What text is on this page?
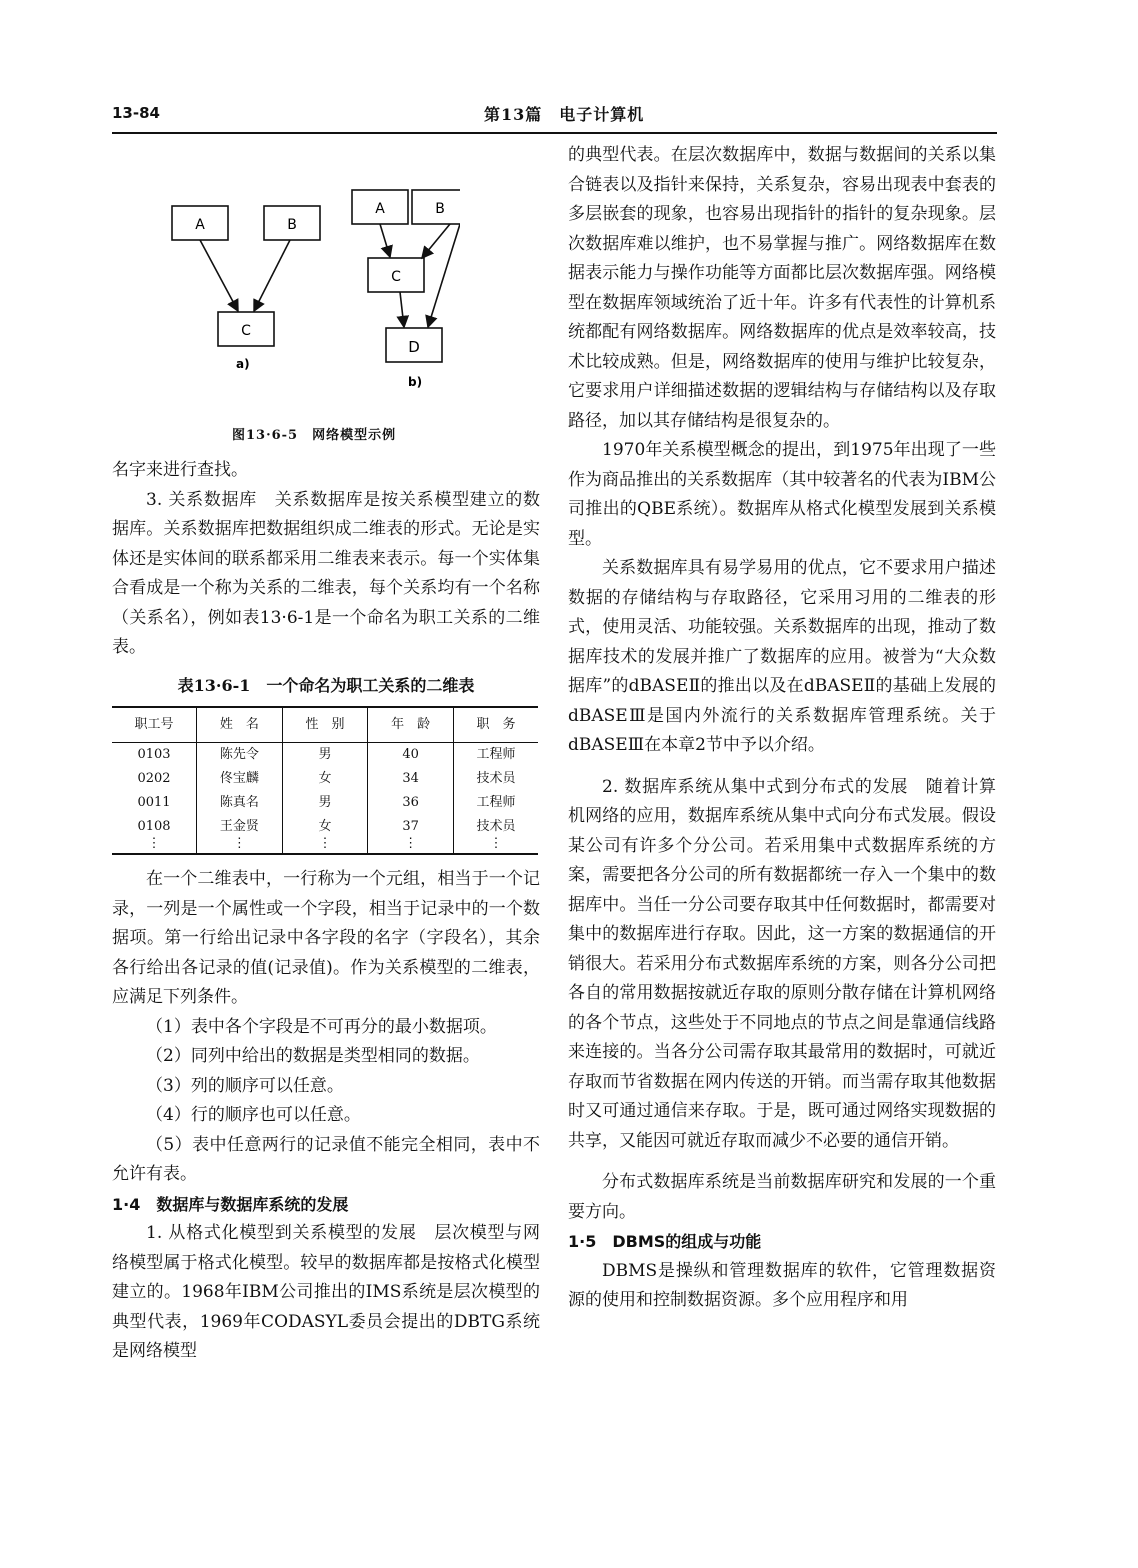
13-84	第13篇　电子计算机
A	B
C
a)
A	B
C
D
b)
图13·6-5　网络模型示例

名字来进行查找。

3. 关系数据库　关系数据库是按关系模型建立的数据库。关系数据库把数据组织成二维表的形式。无论是实体还是实体间的联系都采用二维表来表示。每一个实体集合看成是一个称为关系的二维表，每个关系均有一个名称（关系名），例如表13·6-1是一个命名为职工关系的二维表。

表13·6-1　一个命名为职工关系的二维表

职工号	姓　名	性　别	年　龄	职　务
0103	陈先令	男	40	工程师
0202	佟宝麟	女	34	技术员
0011	陈真名	男	36	工程师
0108	王金贤	女	37	技术员
⋮	⋮	⋮	⋮	⋮

在一个二维表中，一行称为一个元组，相当于一个记录，一列是一个属性或一个字段，相当于记录中的一个数据项。第一行给出记录中各字段的名字（字段名），其余各行给出各记录的值(记录值)。作为关系模型的二维表，应满足下列条件。

（1）表中各个字段是不可再分的最小数据项。

（2）同列中给出的数据是类型相同的数据。

（3）列的顺序可以任意。

（4）行的顺序也可以任意。

（5）表中任意两行的记录值不能完全相同，表中不允许有表。

1·4　数据库与数据库系统的发展

1. 从格式化模型到关系模型的发展　层次模型与网络模型属于格式化模型。较早的数据库都是按格式化模型建立的。1968年IBM公司推出的IMS系统是层次模型的典型代表，1969年CODASYL委员会提出的DBTG系统是网络模型

的典型代表。在层次数据库中，数据与数据间的关系以集合链表以及指针来保持，关系复杂，容易出现表中套表的多层嵌套的现象，也容易出现指针的指针的复杂现象。层次数据库难以维护，也不易掌握与推广。网络数据库在数据表示能力与操作功能等方面都比层次数据库强。网络模型在数据库领域统治了近十年。许多有代表性的计算机系统都配有网络数据库。网络数据库的优点是效率较高，技术比较成熟。但是，网络数据库的使用与维护比较复杂，它要求用户详细描述数据的逻辑结构与存储结构以及存取路径，加以其存储结构是很复杂的。

1970年关系模型概念的提出，到1975年出现了一些作为商品推出的关系数据库（其中较著名的代表为IBM公司推出的QBE系统）。数据库从格式化模型发展到关系模型。

关系数据库具有易学易用的优点，它不要求用户描述数据的存储结构与存取路径，它采用习用的二维表的形式，使用灵活、功能较强。关系数据库的出现，推动了数据库技术的发展并推广了数据库的应用。被誉为“大众数据库”的dBASEⅡ的推出以及在dBASEⅡ的基础上发展的dBASEⅢ是国内外流行的关系数据库管理系统。关于dBASEⅢ在本章2节中予以介绍。

2. 数据库系统从集中式到分布式的发展　随着计算机网络的应用，数据库系统从集中式向分布式发展。假设某公司有许多个分公司。若采用集中式数据库系统的方案，需要把各分公司的所有数据都统一存入一个集中的数据库中。当任一分公司要存取其中任何数据时，都需要对集中的数据库进行存取。因此，这一方案的数据通信的开销很大。若采用分布式数据库系统的方案，则各分公司把各自的常用数据按就近存取的原则分散存储在计算机网络的各个节点，这些处于不同地点的节点之间是靠通信线路来连接的。当各分公司需存取其最常用的数据时，可就近存取而节省数据在网内传送的开销。而当需存取其他数据时又可通过通信来存取。于是，既可通过网络实现数据的共享，又能因可就近存取而减少不必要的通信开销。

分布式数据库系统是当前数据库研究和发展的一个重要方向。

1·5　DBMS的组成与功能

DBMS是操纵和管理数据库的软件，它管理数据资源的使用和控制数据资源。多个应用程序和用
